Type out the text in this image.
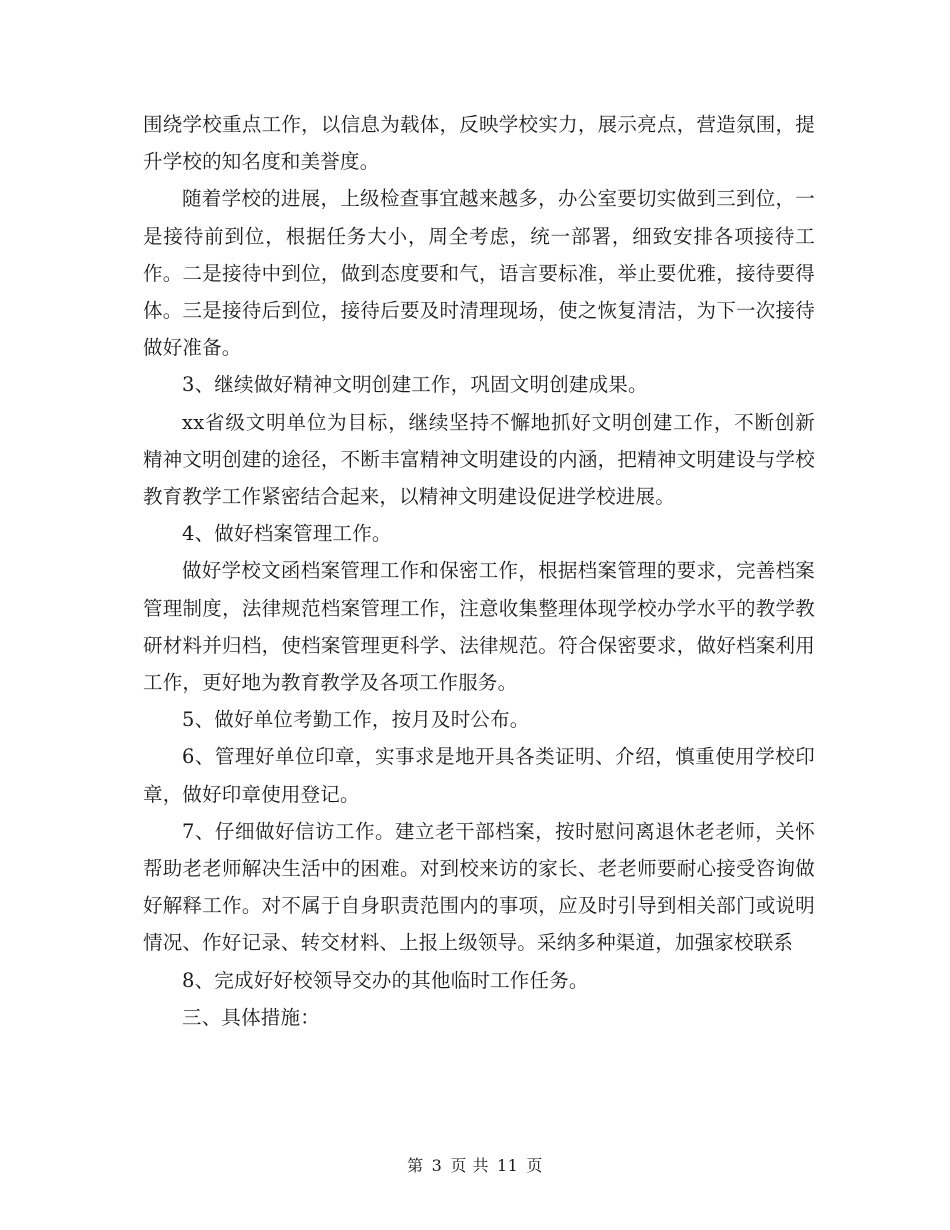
围绕学校重点工作，以信息为载体，反映学校实力，展示亮点，营造氛围，提升学校的知名度和美誉度。

随着学校的进展，上级检查事宜越来越多，办公室要切实做到三到位，一是接待前到位，根据任务大小，周全考虑，统一部署，细致安排各项接待工作。二是接待中到位，做到态度要和气，语言要标准，举止要优雅，接待要得体。三是接待后到位，接待后要及时清理现场，使之恢复清洁，为下一次接待做好准备。

3、继续做好精神文明创建工作，巩固文明创建成果。

xx省级文明单位为目标，继续坚持不懈地抓好文明创建工作，不断创新精神文明创建的途径，不断丰富精神文明建设的内涵，把精神文明建设与学校教育教学工作紧密结合起来，以精神文明建设促进学校进展。

4、做好档案管理工作。

做好学校文函档案管理工作和保密工作，根据档案管理的要求，完善档案管理制度，法律规范档案管理工作，注意收集整理体现学校办学水平的教学教研材料并归档，使档案管理更科学、法律规范。符合保密要求，做好档案利用工作，更好地为教育教学及各项工作服务。

5、做好单位考勤工作，按月及时公布。

6、管理好单位印章，实事求是地开具各类证明、介绍，慎重使用学校印章，做好印章使用登记。

7、仔细做好信访工作。建立老干部档案，按时慰问离退休老老师，关怀帮助老老师解决生活中的困难。对到校来访的家长、老老师要耐心接受咨询做好解释工作。对不属于自身职责范围内的事项，应及时引导到相关部门或说明情况、作好记录、转交材料、上报上级领导。采纳多种渠道，加强家校联系

8、完成好好校领导交办的其他临时工作任务。

三、具体措施：

第 3 页 共 11 页
